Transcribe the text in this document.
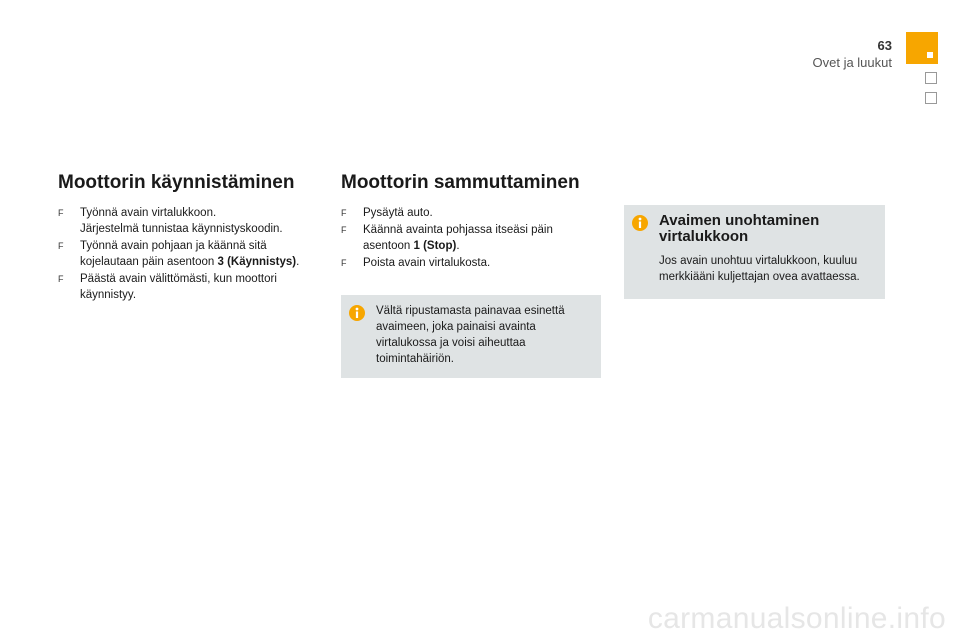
63
Ovet ja luukut
Moottorin käynnistäminen
F Työnnä avain virtalukkoon.
Järjestelmä tunnistaa käynnistyskoodin.
F Työnnä avain pohjaan ja käännä sitä kojelautaan päin asentoon 3 (Käynnistys).
F Päästä avain välittömästi, kun moottori käynnistyy.
Moottorin sammuttaminen
F Pysäytä auto.
F Käännä avainta pohjassa itseäsi päin asentoon 1 (Stop).
F Poista avain virtalukosta.
Vältä ripustamasta painavaa esinettä avaimeen, joka painaisi avainta virtalukossa ja voisi aiheuttaa toimintahäiriön.
Avaimen unohtaminen virtalukkoon
Jos avain unohtuu virtalukkoon, kuuluu merkkiääni kuljettajan ovea avattaessa.
carmanualsonline.info
